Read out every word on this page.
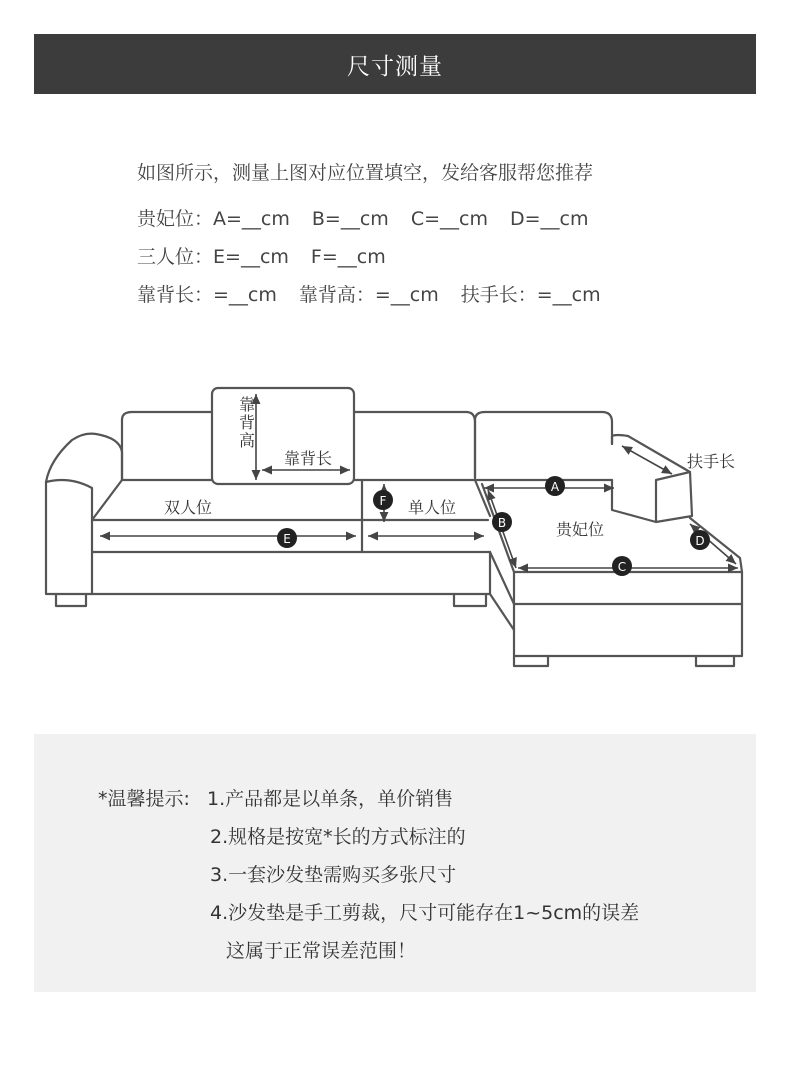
尺寸测量
如图所示，测量上图对应位置填空，发给客服帮您推荐
贵妃位：A=__cm B=__cm C=__cm D=__cm
三人位：E=__cm F=__cm
靠背长：=__cm 靠背高：=__cm 扶手长：=__cm
靠背高
靠背长	扶手长
双人位	单人位
贵妃位
A
B
C
D
E
F
*温馨提示: 1.产品都是以单条，单价销售
2.规格是按宽*长的方式标注的
3.一套沙发垫需购买多张尺寸
4.沙发垫是手工剪裁，尺寸可能存在1~5cm的误差
这属于正常误差范围！
